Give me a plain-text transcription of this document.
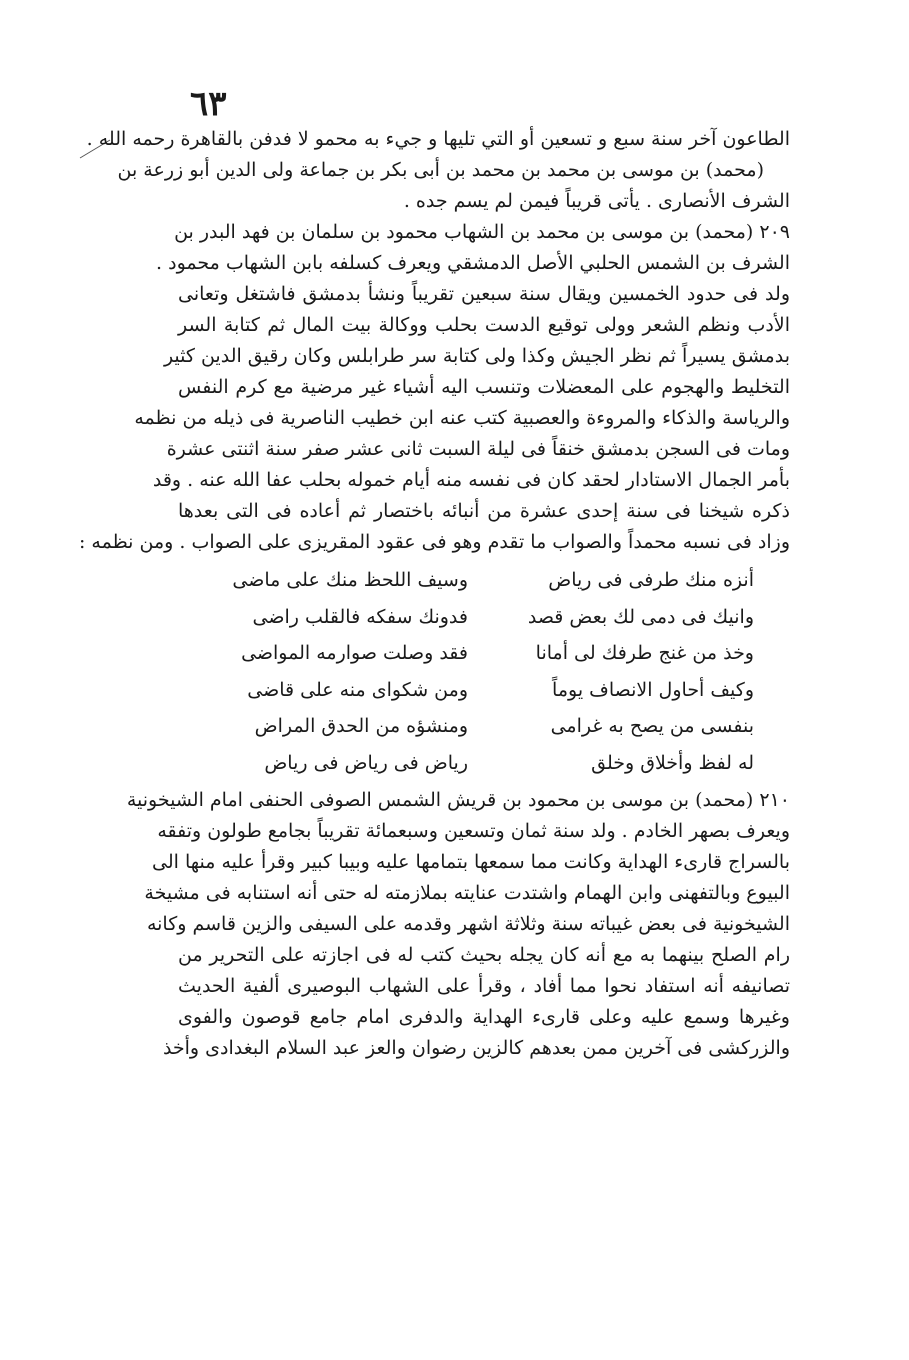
٦٣
الطاعون آخر سنة سبع و تسعين أو التي تليها و جيء به محمو لا فدفن بالقاهرة رحمه الله .
(محمد) بن موسى بن محمد بن محمد بن أبى بكر بن جماعة ولى الدين أبو زرعة بن
الشرف الأنصارى . يأتى قريباً فيمن لم يسم جده .
٢٠٩ (محمد) بن موسى بن محمد بن الشهاب محمود بن سلمان بن فهد البدر بن
الشرف بن الشمس الحلبي الأصل الدمشقي ويعرف كسلفه بابن الشهاب محمود .
ولد فى حدود الخمسين ويقال سنة سبعين تقريباً ونشأ بدمشق فاشتغل وتعانى
الأدب ونظم الشعر وولى توقيع الدست بحلب ووكالة بيت المال ثم كتابة السر
بدمشق يسيراً ثم نظر الجيش وكذا ولى كتابة سر طرابلس وكان رقيق الدين كثير
التخليط والهجوم على المعضلات وتنسب اليه أشياء غير مرضية مع كرم النفس
والرياسة والذكاء والمروءة والعصبية كتب عنه ابن خطيب الناصرية فى ذيله من نظمه
ومات فى السجن بدمشق خنقاً فى ليلة السبت ثانى عشر صفر سنة اثنتى عشرة
بأمر الجمال الاستادار لحقد كان فى نفسه منه أيام خموله بحلب عفا الله عنه . وقد
ذكره شيخنا فى سنة إحدى عشرة من أنبائه باختصار ثم أعاده فى التى بعدها
وزاد فى نسبه محمداً والصواب ما تقدم وهو فى عقود المقريزى على الصواب . ومن نظمه :
أنزه منك طرفى فى رياض
وسيف اللحظ منك على ماضى
وانيك فى دمى لك بعض قصد
فدونك سفكه فالقلب راضى
وخذ من غنج طرفك لى أمانا
فقد وصلت صوارمه المواضى
وكيف أحاول الانصاف يوماً
ومن شكواى منه على قاضى
بنفسى من يصح به غرامى
ومنشؤه من الحدق المراض
له لفظ وأخلاق وخلق
رياض فى رياض فى رياض
٢١٠ (محمد) بن موسى بن محمود بن قريش الشمس الصوفى الحنفى امام الشيخونية
ويعرف بصهر الخادم . ولد سنة ثمان وتسعين وسبعمائة تقريباً بجامع طولون وتفقه
بالسراج قارىء الهداية وكانت مما سمعها بتمامها عليه وبيبا كبير وقرأ عليه منها الى
البيوع وبالتفهنى وابن الهمام واشتدت عنايته بملازمته له حتى أنه استنابه فى مشيخة
الشيخونية فى بعض غيباته سنة وثلاثة اشهر وقدمه على السيفى والزين قاسم وكانه
رام الصلح بينهما به مع أنه كان يجله بحيث كتب له فى اجازته على التحرير من
تصانيفه أنه استفاد نحوا مما أفاد ، وقرأ على الشهاب البوصيرى ألفية الحديث
وغيرها وسمع عليه وعلى قارىء الهداية والدفرى امام جامع قوصون والفوى
والزركشى فى آخرين ممن بعدهم كالزين رضوان والعز عبد السلام البغدادى وأخذ
